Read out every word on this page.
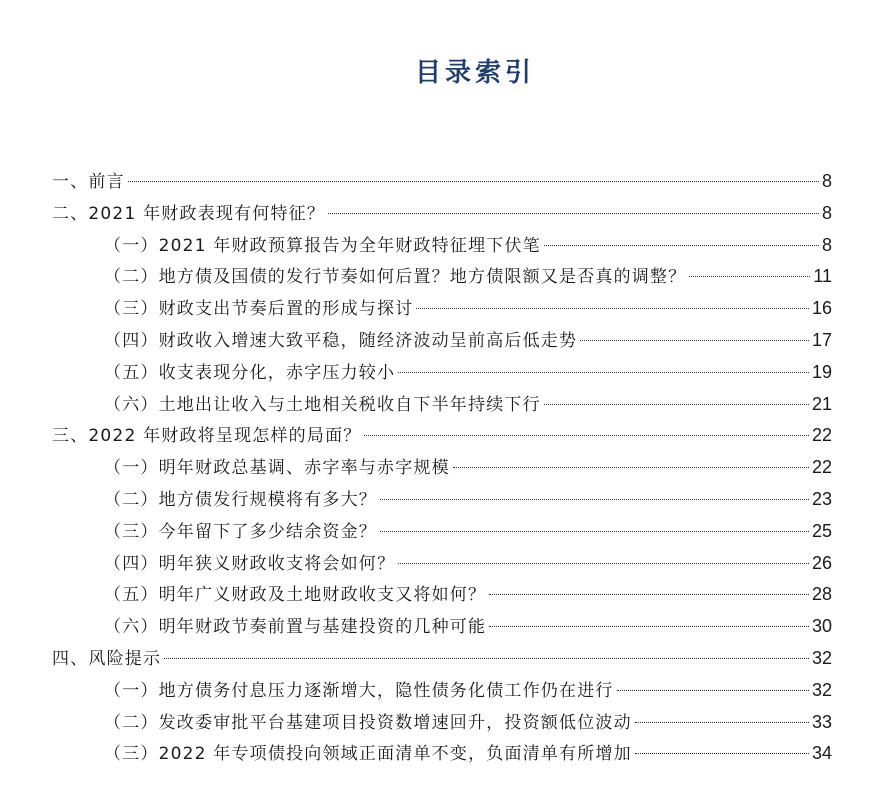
目录索引
一、前言	8
二、2021 年财政表现有何特征？	8
（一）2021 年财政预算报告为全年财政特征埋下伏笔	8
（二）地方债及国债的发行节奏如何后置？地方债限额又是否真的调整？	11
（三）财政支出节奏后置的形成与探讨	16
（四）财政收入增速大致平稳，随经济波动呈前高后低走势	17
（五）收支表现分化，赤字压力较小	19
（六）土地出让收入与土地相关税收自下半年持续下行	21
三、2022 年财政将呈现怎样的局面？	22
（一）明年财政总基调、赤字率与赤字规模	22
（二）地方债发行规模将有多大？	23
（三）今年留下了多少结余资金？	25
（四）明年狭义财政收支将会如何？	26
（五）明年广义财政及土地财政收支又将如何？	28
（六）明年财政节奏前置与基建投资的几种可能	30
四、风险提示	32
（一）地方债务付息压力逐渐增大，隐性债务化债工作仍在进行	32
（二）发改委审批平台基建项目投资数增速回升，投资额低位波动	33
（三）2022 年专项债投向领域正面清单不变，负面清单有所增加	34
